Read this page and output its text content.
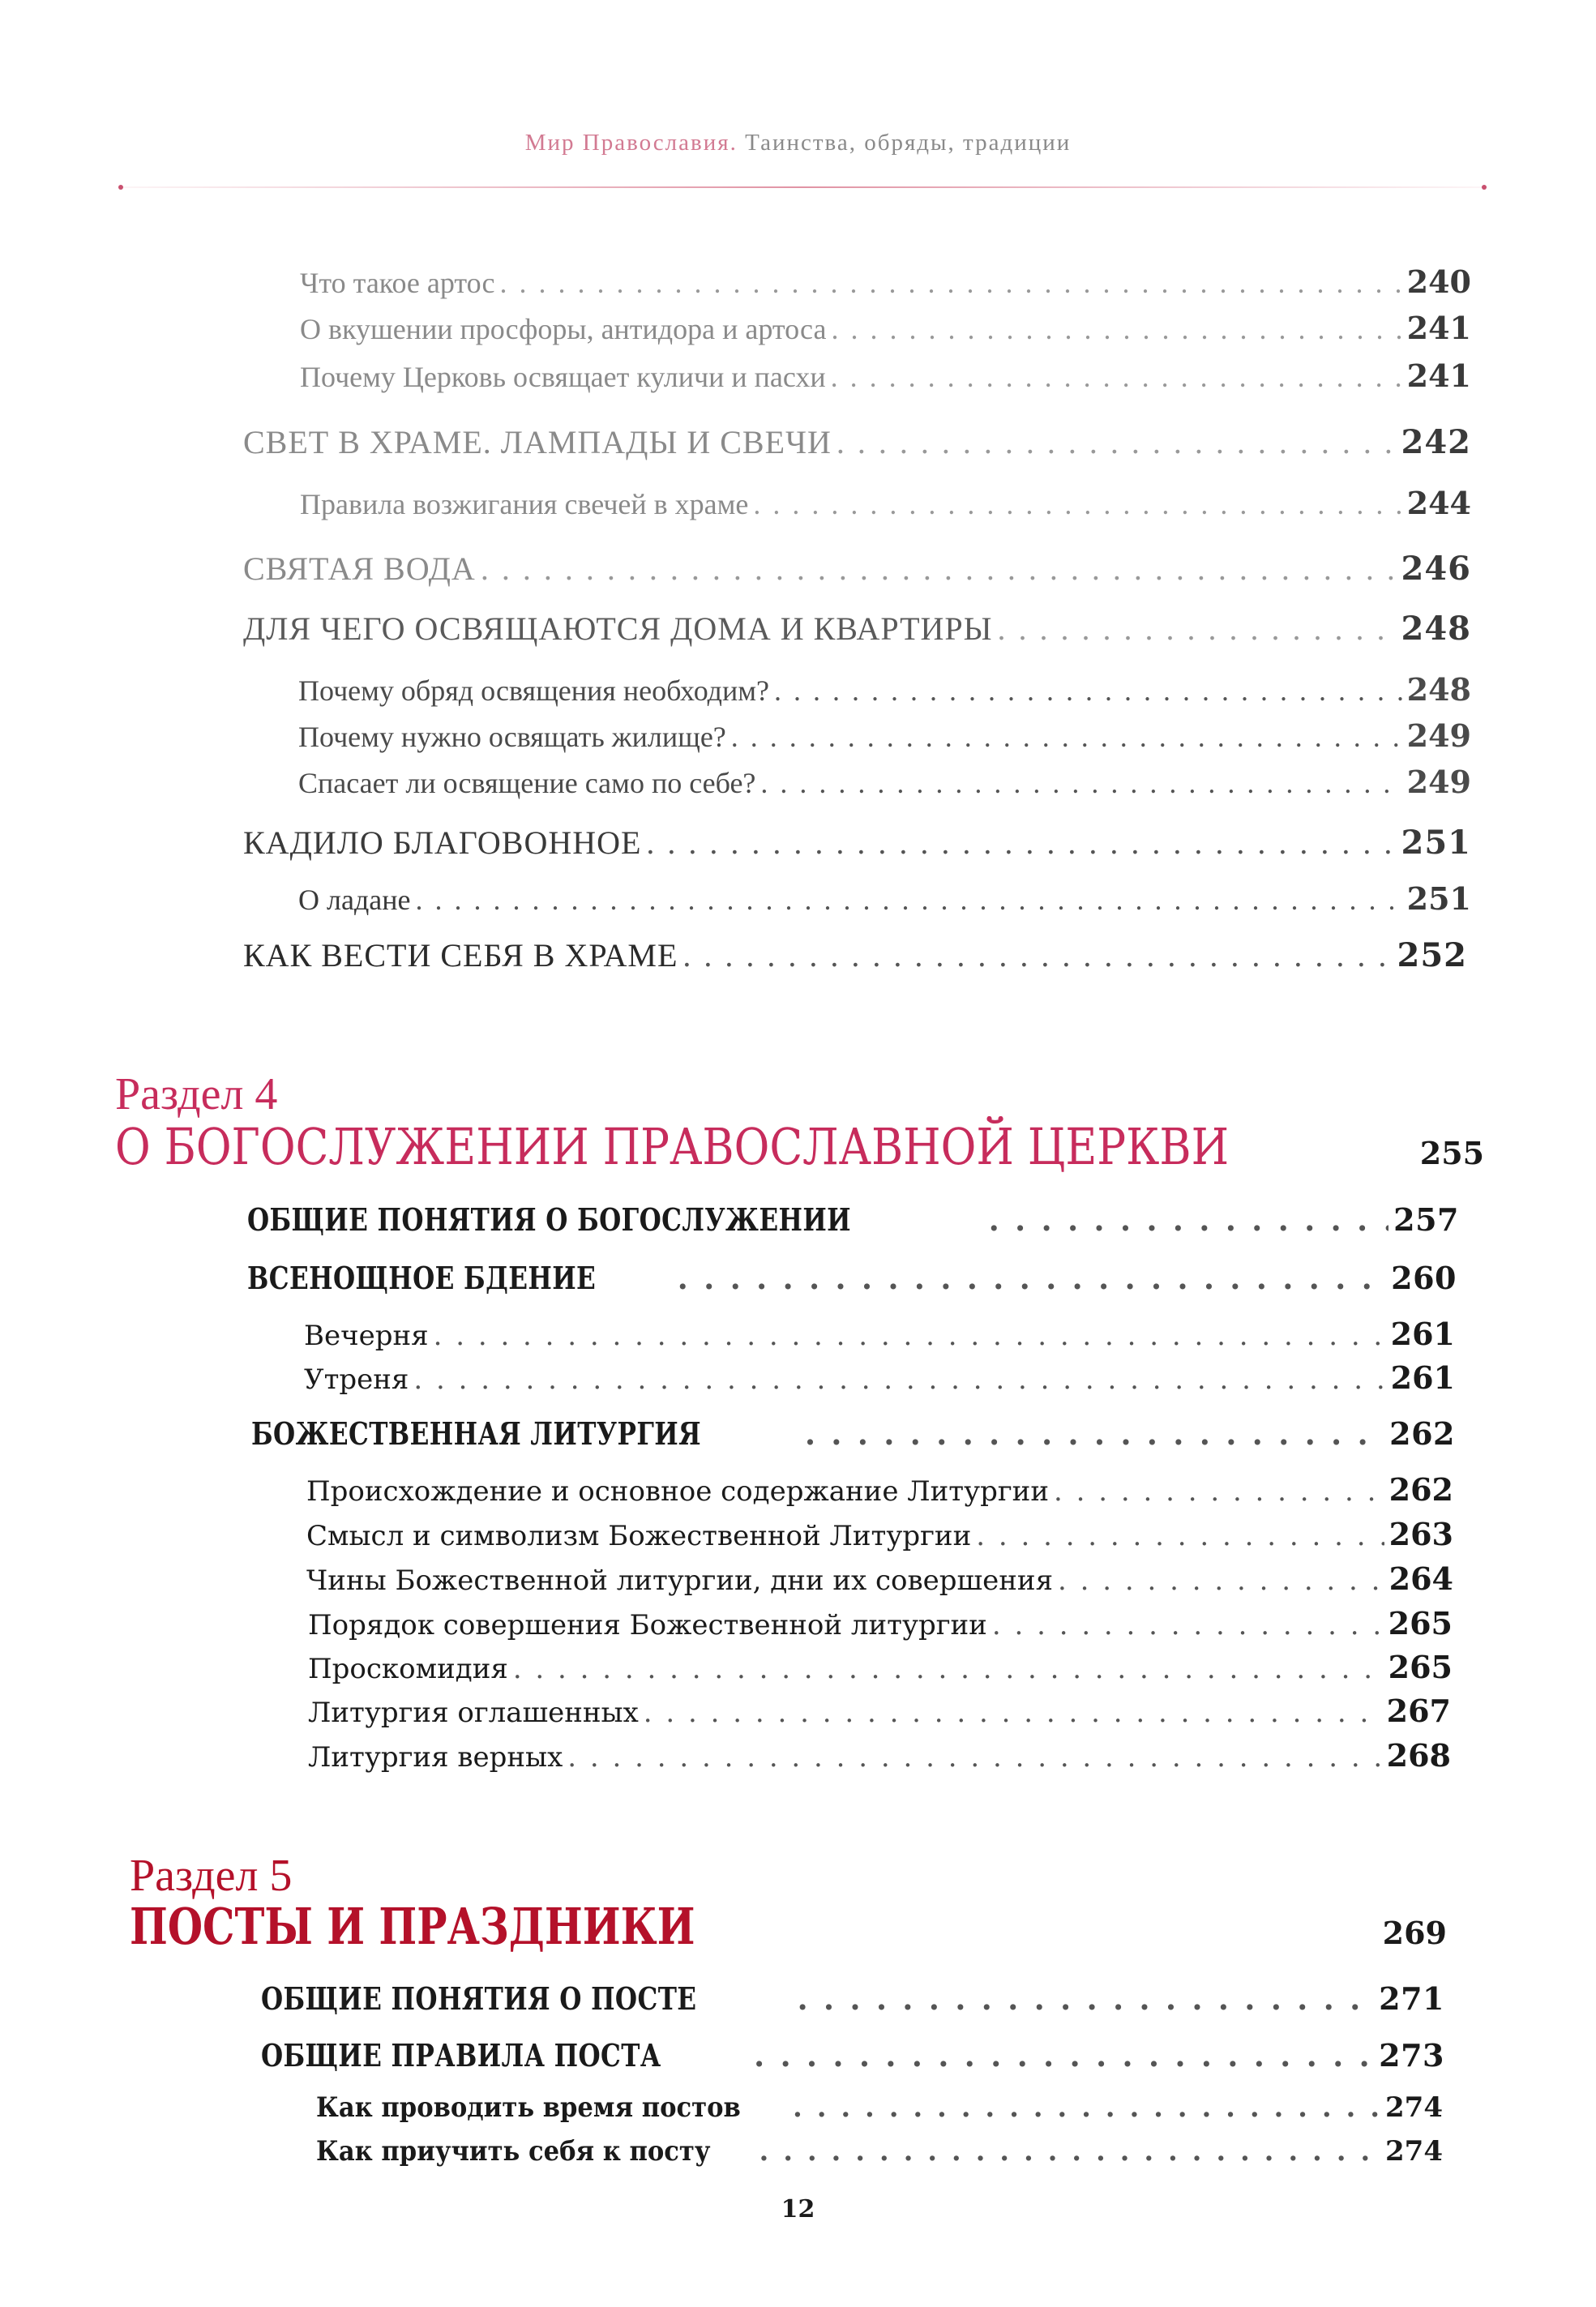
Мир Православия. Таинства, обряды, традиции
Что такое артос . . .	240
О вкушении просфоры, антидора и артоса . . .	241
Почему Церковь освящает куличи и пасхи . . .	241
СВЕТ В ХРАМЕ. ЛАМПАДЫ И СВЕЧИ . . .	242
Правила возжигания свечей в храме . . .	244
СВЯТАЯ ВОДА . . .	246
ДЛЯ ЧЕГО ОСВЯЩАЮТСЯ ДОМА И КВАРТИРЫ . . .	248
Почему обряд освящения необходим? . . .	248
Почему нужно освящать жилище? . . .	249
Спасает ли освящение само по себе? . . .	249
КАДИЛО БЛАГОВОННОЕ . . .	251
О ладане . . .	251
КАК ВЕСТИ СЕБЯ В ХРАМЕ . . .	252
Раздел 4
О БОГОСЛУЖЕНИИ ПРАВОСЛАВНОЙ ЦЕРКВИ	255
ОБЩИЕ ПОНЯТИЯ О БОГОСЛУЖЕНИИ . . .	257
ВСЕНОЩНОЕ БДЕНИЕ . . .	260
Вечерня . . .	261
Утреня . . .	261
БОЖЕСТВЕННАЯ ЛИТУРГИЯ . . .	262
Происхождение и основное содержание Литургии . . .	262
Смысл и символизм Божественной Литургии . . .	263
Чины Божественной литургии, дни их совершения . . .	264
Порядок совершения Божественной литургии . . .	265
Проскомидия . . .	265
Литургия оглашенных . . .	267
Литургия верных . . .	268
Раздел 5
ПОСТЫ И ПРАЗДНИКИ	269
ОБЩИЕ ПОНЯТИЯ О ПОСТЕ . . .	271
ОБЩИЕ ПРАВИЛА ПОСТА . . .	273
Как проводить время постов . . .	274
Как приучить себя к посту . . .	274
12
